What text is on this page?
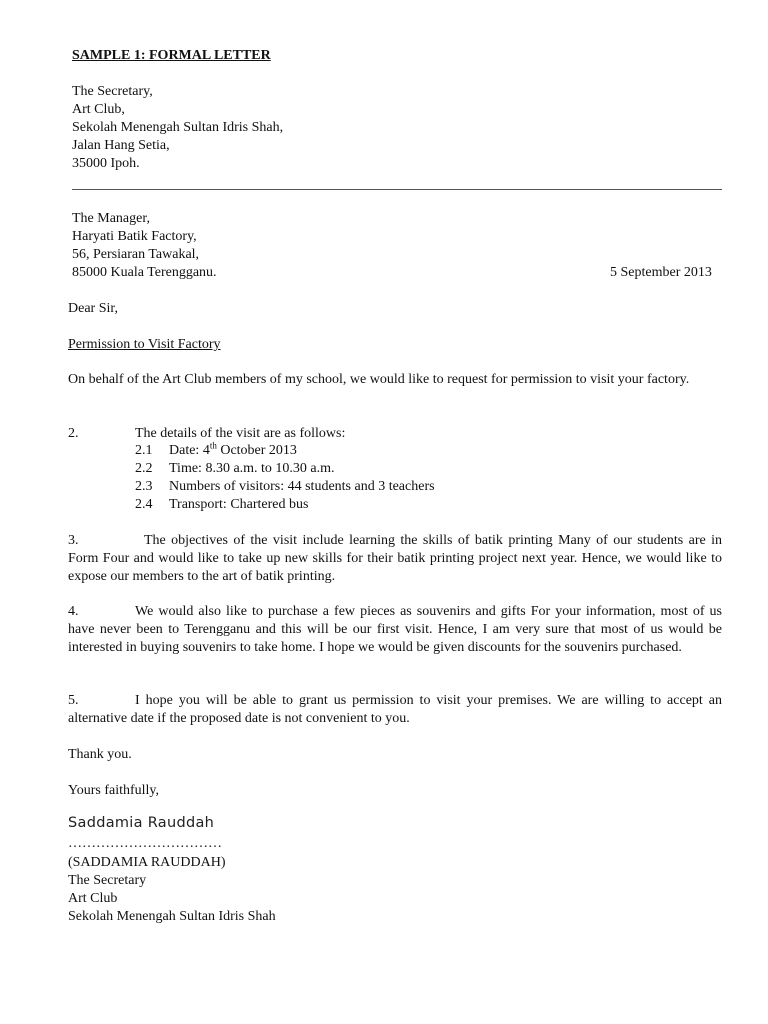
SAMPLE 1: FORMAL LETTER
The Secretary,
Art Club,
Sekolah Menengah Sultan Idris Shah,
Jalan Hang Setia,
35000 Ipoh.
The Manager,
Haryati Batik Factory,
56, Persiaran Tawakal,
85000 Kuala Terengganu.	5 September 2013
Dear Sir,
Permission to Visit Factory
On behalf of the Art Club members of my school, we would like to request for permission to visit your factory.
2.	The details of the visit are as follows:
2.1 Date: 4th October 2013
2.2 Time: 8.30 a.m. to 10.30 a.m.
2.3 Numbers of visitors: 44 students and 3 teachers
2.4 Transport: Chartered bus
3.	The objectives of the visit include learning the skills of batik printing Many of our students are in Form Four and would like to take up new skills for their batik printing project next year. Hence, we would like to expose our members to the art of batik printing.
4.	We would also like to purchase a few pieces as souvenirs and gifts For your information, most of us have never been to Terengganu and this will be our first visit. Hence, I am very sure that most of us would be interested in buying souvenirs to take home. I hope we would be given discounts for the souvenirs purchased.
5.	I hope you will be able to grant us permission to visit your premises. We are willing to accept an alternative date if the proposed date is not convenient to you.
Thank you.
Yours faithfully,
Saddamia Rauddah
……………………………
(SADDAMIA RAUDDAH)
The Secretary
Art Club
Sekolah Menengah Sultan Idris Shah
